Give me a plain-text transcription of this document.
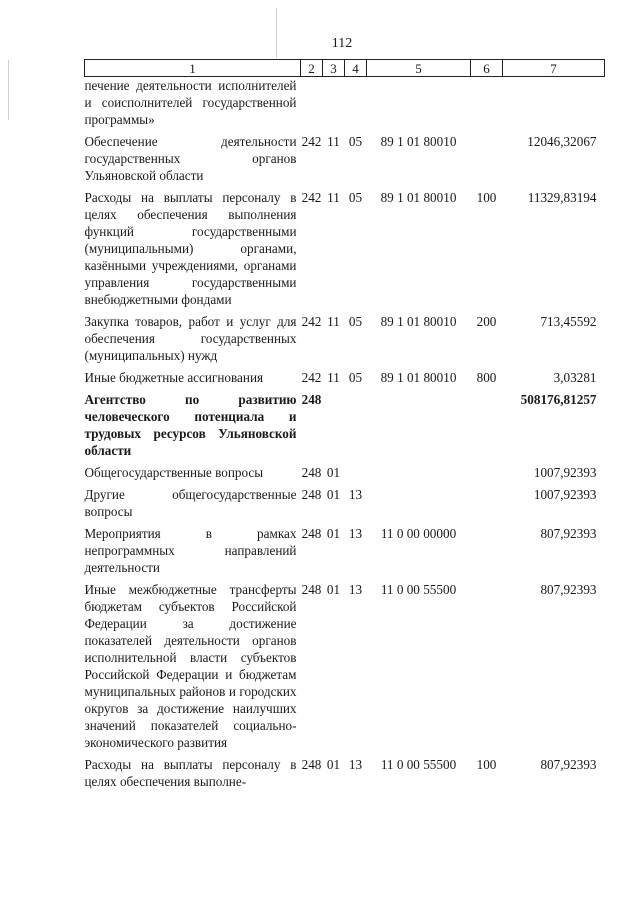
112
1	2	3	4	5	6	7
печение деятельности исполнителей и соисполнителей государственной программы»						
Обеспечение деятельности государственных органов Ульяновской области	242	11	05	89 1 01 80010		12046,32067
Расходы на выплаты персоналу в целях обеспечения выполнения функций государственными (муниципальными) органами, казёнными учреждениями, органами управления государственными внебюджетными фондами	242	11	05	89 1 01 80010	100	11329,83194
Закупка товаров, работ и услуг для обеспечения государственных (муниципальных) нужд	242	11	05	89 1 01 80010	200	713,45592
Иные бюджетные ассигнования	242	11	05	89 1 01 80010	800	3,03281
Агентство по развитию человеческого потенциала и трудовых ресурсов Ульяновской области	248					508176,81257
Общегосударственные вопросы	248	01				1007,92393
Другие общегосударственные вопросы	248	01	13			1007,92393
Мероприятия в рамках непрограммных направлений деятельности	248	01	13	11 0 00 00000		807,92393
Иные межбюджетные трансферты бюджетам субъектов Российской Федерации за достижение показателей деятельности органов исполнительной власти субъектов Российской Федерации и бюджетам муниципальных районов и городских округов за достижение наилучших значений показателей социально-экономического развития	248	01	13	11 0 00 55500		807,92393
Расходы на выплаты персоналу в целях обеспечения выполне-	248	01	13	11 0 00 55500	100	807,92393
